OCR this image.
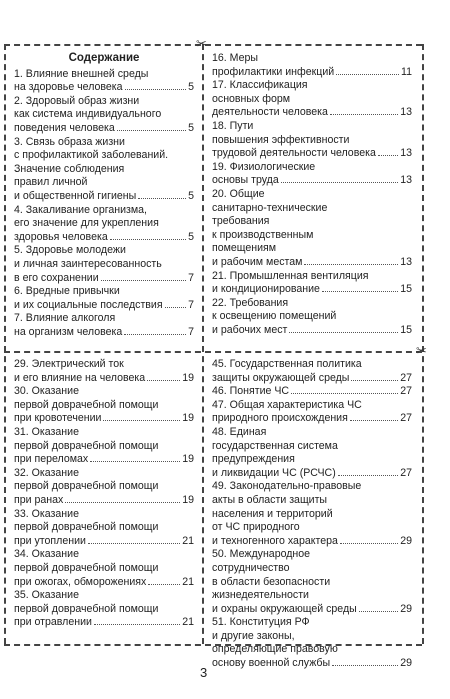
✂
✂
Содержание
1. Влияние внешней среды
на здоровье человека	5
2. Здоровый образ жизни
как система индивидуального
поведения человека	5
3. Связь образа жизни
с профилактикой заболеваний.
Значение соблюдения
правил личной
и общественной гигиены	5
4. Закаливание организма,
его значение для укрепления
здоровья человека	5
5. Здоровье молодежи
и личная заинтересованность
в его сохранении	7
6. Вредные привычки
и их социальные последствия 7
7. Влияние алкоголя
на организм человека	7
16. Меры
профилактики инфекций	11
17. Классификация
основных форм
деятельности человека	13
18. Пути
повышения эффективности
трудовой деятельности человека 13
19. Физиологические
основы труда	13
20. Общие
санитарно-технические
требования
к производственным
помещениям
и рабочим местам	13
21. Промышленная вентиляция
и кондиционирование	15
22. Требования
к освещению помещений
и рабочих мест	15
29. Электрический ток
и его влияние на человека	19
30. Оказание
первой доврачебной помощи
при кровотечении	19
31. Оказание
первой доврачебной помощи
при переломах	19
32. Оказание
первой доврачебной помощи
при ранах	19
33. Оказание
первой доврачебной помощи
при утоплении	21
34. Оказание
первой доврачебной помощи
при ожогах, обморожениях	21
35. Оказание
первой доврачебной помощи
при отравлении	21
45. Государственная политика
защиты окружающей среды	27
46. Понятие ЧС	27
47. Общая характеристика ЧС
природного происхождения	27
48. Единая
государственная система
предупреждения
и ликвидации ЧС (РСЧС)	27
49. Законодательно-правовые
акты в области защиты
населения и территорий
от ЧС природного
и техногенного характера	29
50. Международное
сотрудничество
в области безопасности
жизнедеятельности
и охраны окружающей среды	29
51. Конституция РФ
и другие законы,
определяющие правовую
основу военной службы	29
3
